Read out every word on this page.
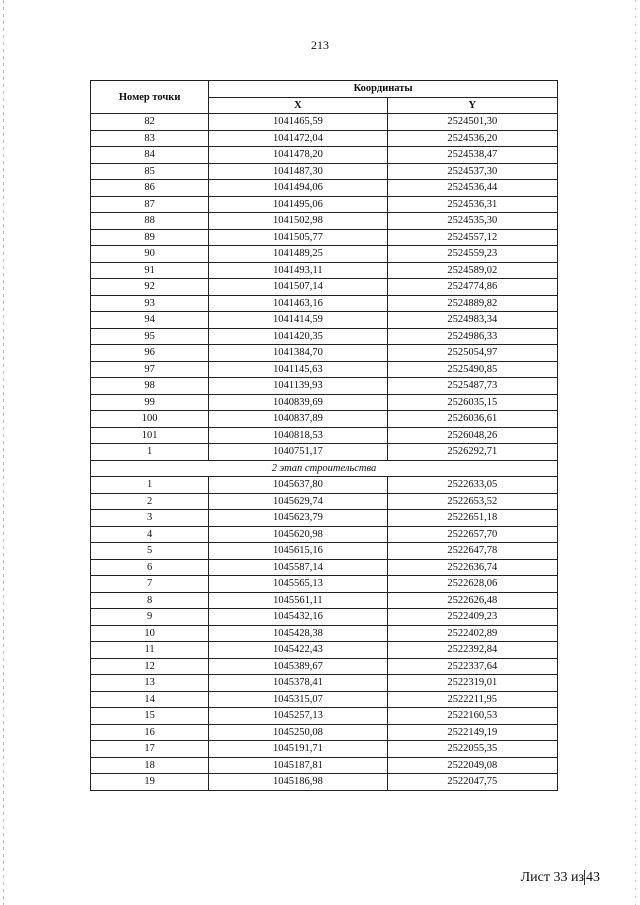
213
Номер точки	Координаты	
	X	Y
82	1041465,59	2524501,30
83	1041472,04	2524536,20
84	1041478,20	2524538,47
85	1041487,30	2524537,30
86	1041494,06	2524536,44
87	1041495,06	2524536,31
88	1041502,98	2524535,30
89	1041505,77	2524557,12
90	1041489,25	2524559,23
91	1041493,11	2524589,02
92	1041507,14	2524774,86
93	1041463,16	2524889,82
94	1041414,59	2524983,34
95	1041420,35	2524986,33
96	1041384,70	2525054,97
97	1041145,63	2525490,85
98	1041139,93	2525487,73
99	1040839,69	2526035,15
100	1040837,89	2526036,61
101	1040818,53	2526048,26
1	1040751,17	2526292,71
2 этап строительства		
1	1045637,80	2522633,05
2	1045629,74	2522653,52
3	1045623,79	2522651,18
4	1045620,98	2522657,70
5	1045615,16	2522647,78
6	1045587,14	2522636,74
7	1045565,13	2522628,06
8	1045561,11	2522626,48
9	1045432,16	2522409,23
10	1045428,38	2522402,89
11	1045422,43	2522392,84
12	1045389,67	2522337,64
13	1045378,41	2522319,01
14	1045315,07	2522211,95
15	1045257,13	2522160,53
16	1045250,08	2522149,19
17	1045191,71	2522055,35
18	1045187,81	2522049,08
19	1045186,98	2522047,75
Лист 33 из 43
